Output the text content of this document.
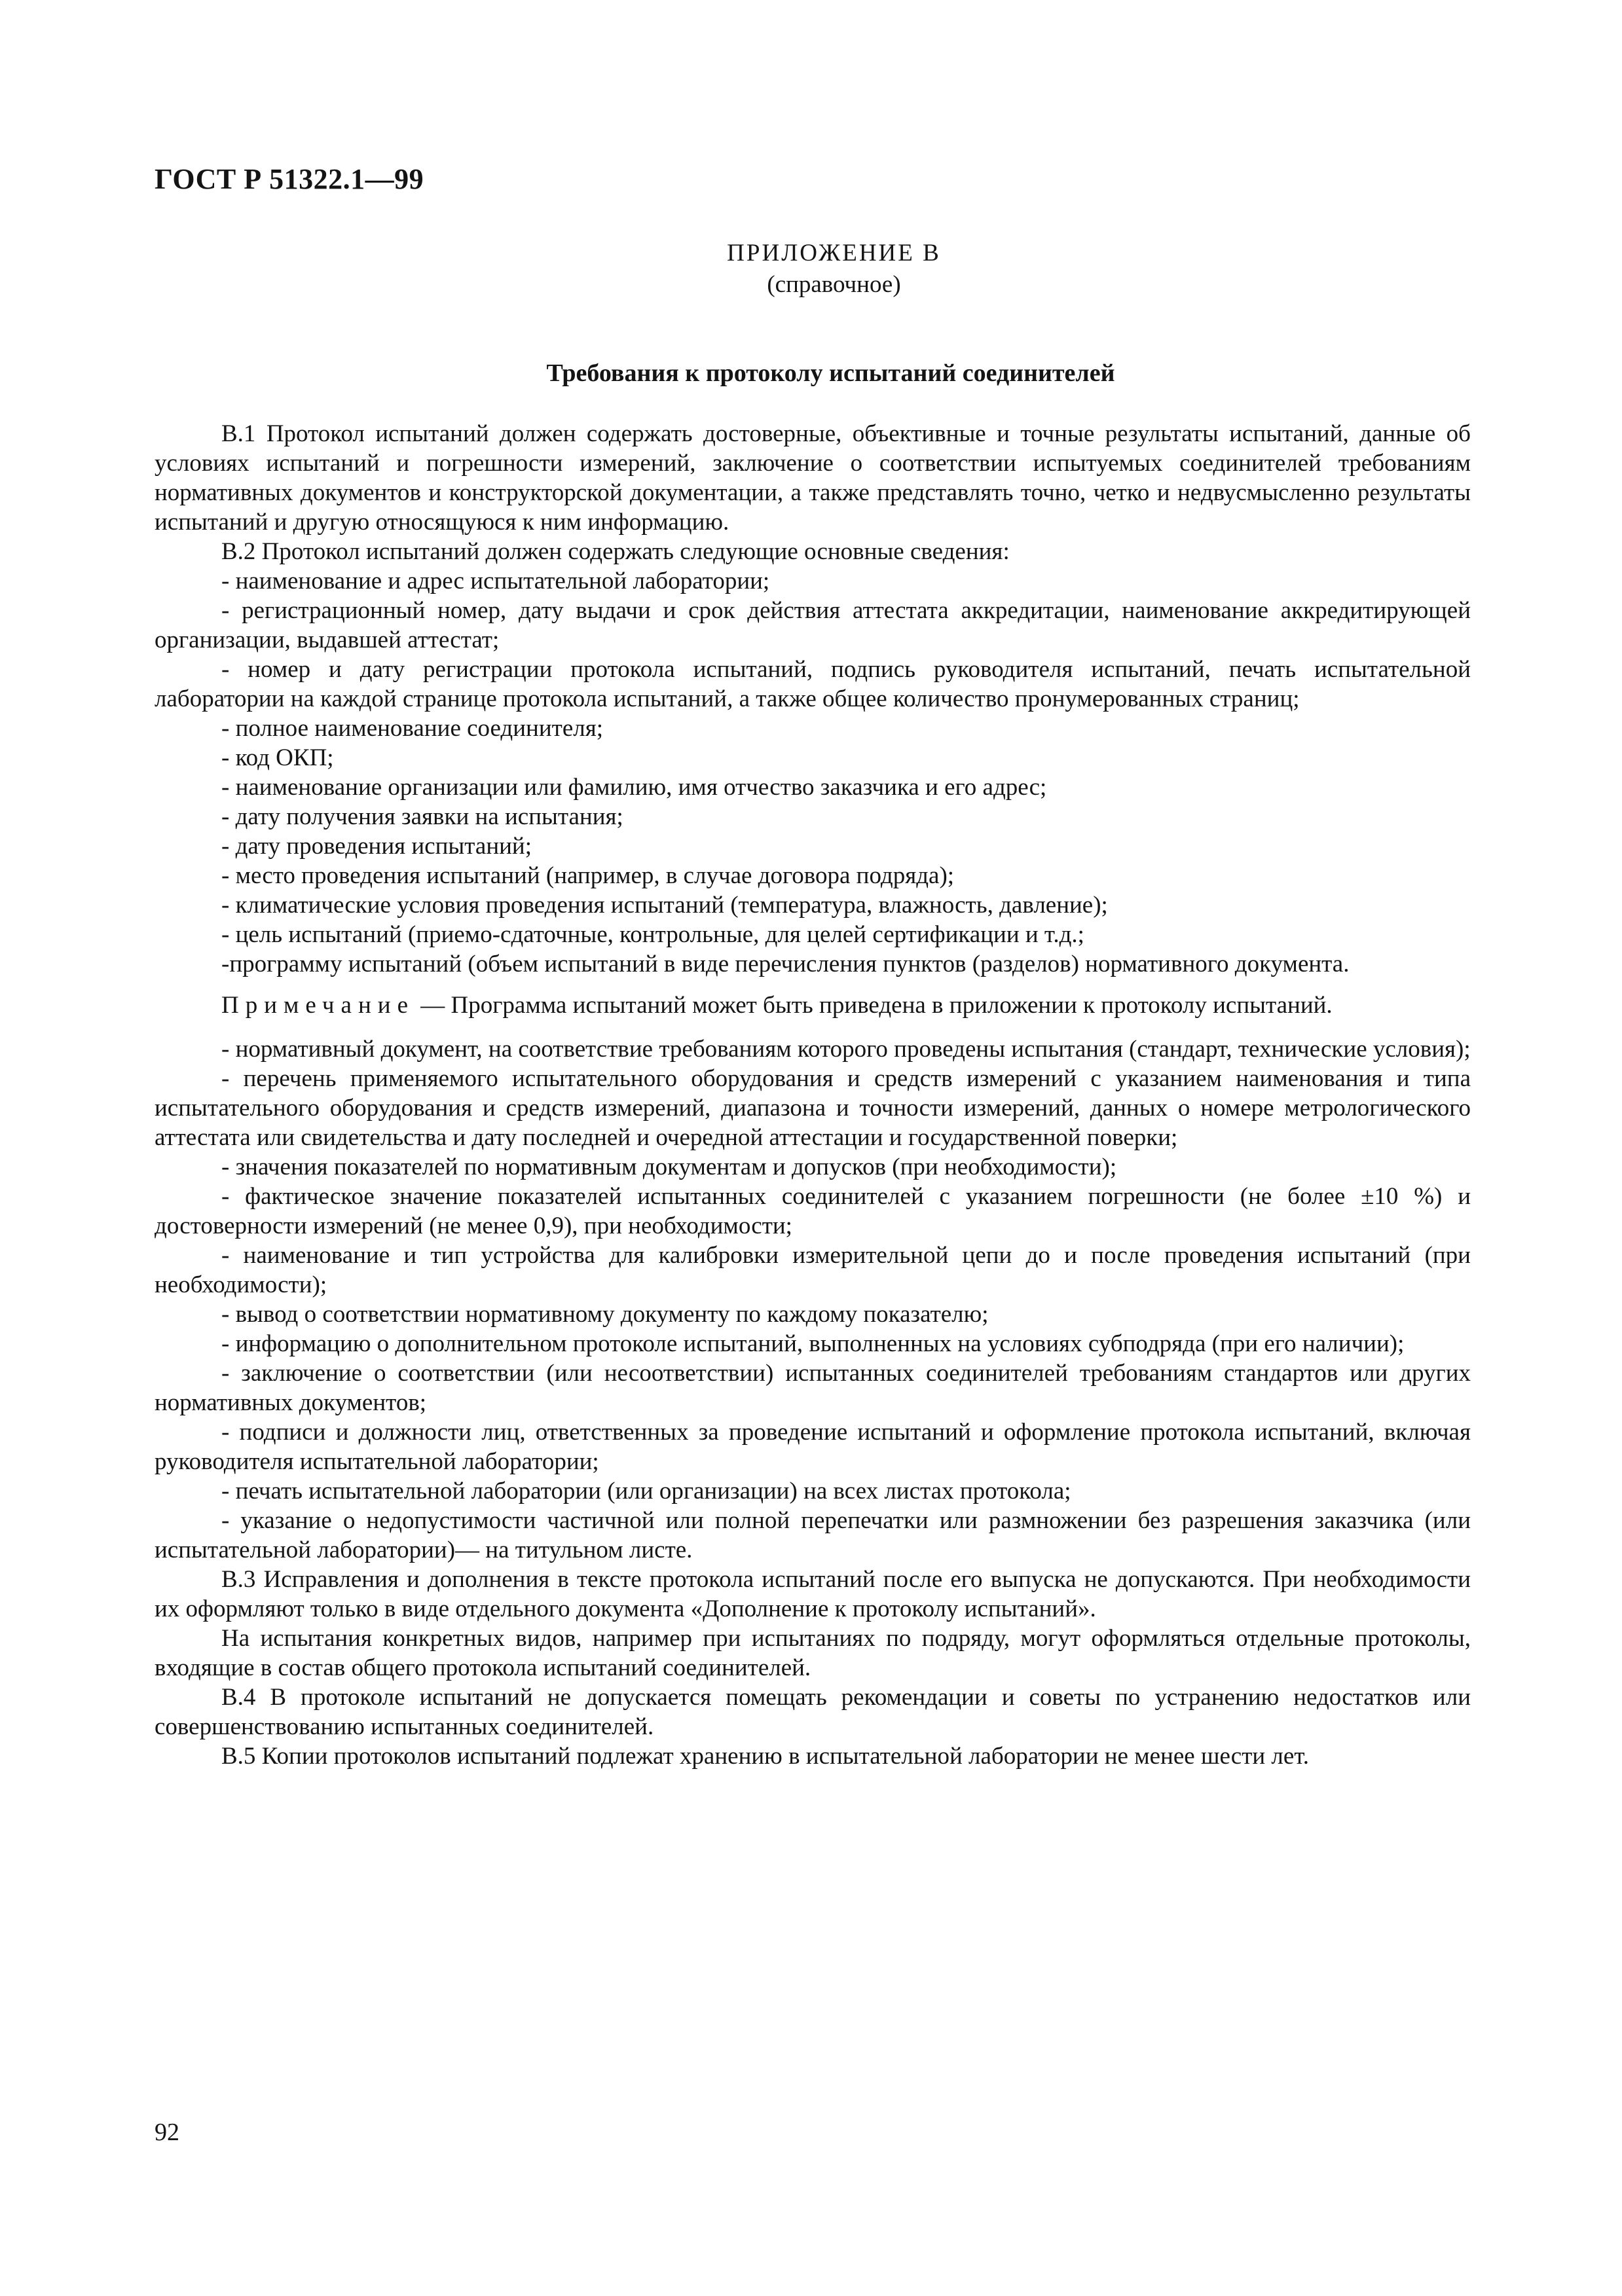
ГОСТ Р 51322.1—99
ПРИЛОЖЕНИЕ В
(справочное)
Требования к протоколу испытаний соединителей

В.1 Протокол испытаний должен содержать достоверные, объективные и точные результаты испытаний, данные об условиях испытаний и погрешности измерений, заключение о соответствии испытуемых соединителей требованиям нормативных документов и конструкторской документации, а также представлять точно, четко и недвусмысленно результаты испытаний и другую относящуюся к ним информацию.

В.2 Протокол испытаний должен содержать следующие основные сведения:

- наименование и адрес испытательной лаборатории;

- регистрационный номер, дату выдачи и срок действия аттестата аккредитации, наименование аккредитирующей организации, выдавшей аттестат;

- номер и дату регистрации протокола испытаний, подпись руководителя испытаний, печать испытательной лаборатории на каждой странице протокола испытаний, а также общее количество пронумерованных страниц;

- полное наименование соединителя;

- код ОКП;

- наименование организации или фамилию, имя отчество заказчика и его адрес;

- дату получения заявки на испытания;

- дату проведения испытаний;

- место проведения испытаний (например, в случае договора подряда);

- климатические условия проведения испытаний (температура, влажность, давление);

- цель испытаний (приемо-сдаточные, контрольные, для целей сертификации и т.д.;

-программу испытаний (объем испытаний в виде перечисления пунктов (разделов) нормативного документа.

Примечание — Программа испытаний может быть приведена в приложении к протоколу испытаний.

- нормативный документ, на соответствие требованиям которого проведены испытания (стандарт, технические условия);

- перечень применяемого испытательного оборудования и средств измерений с указанием наименования и типа испытательного оборудования и средств измерений, диапазона и точности измерений, данных о номере метрологического аттестата или свидетельства и дату последней и очередной аттестации и государственной поверки;

- значения показателей по нормативным документам и допусков (при необходимости);

- фактическое значение показателей испытанных соединителей с указанием погрешности (не более ±10 %) и достоверности измерений (не менее 0,9), при необходимости;

- наименование и тип устройства для калибровки измерительной цепи до и после проведения испытаний (при необходимости);

- вывод о соответствии нормативному документу по каждому показателю;

- информацию о дополнительном протоколе испытаний, выполненных на условиях субподряда (при его наличии);

- заключение о соответствии (или несоответствии) испытанных соединителей требованиям стандартов или других нормативных документов;

- подписи и должности лиц, ответственных за проведение испытаний и оформление протокола испытаний, включая руководителя испытательной лаборатории;

- печать испытательной лаборатории (или организации) на всех листах протокола;

- указание о недопустимости частичной или полной перепечатки или размножении без разрешения заказчика (или испытательной лаборатории)— на титульном листе.

В.3 Исправления и дополнения в тексте протокола испытаний после его выпуска не допускаются. При необходимости их оформляют только в виде отдельного документа «Дополнение к протоколу испытаний».

На испытания конкретных видов, например при испытаниях по подряду, могут оформляться отдельные протоколы, входящие в состав общего протокола испытаний соединителей.

В.4 В протоколе испытаний не допускается помещать рекомендации и советы по устранению недостатков или совершенствованию испытанных соединителей.

В.5 Копии протоколов испытаний подлежат хранению в испытательной лаборатории не менее шести лет.

92
